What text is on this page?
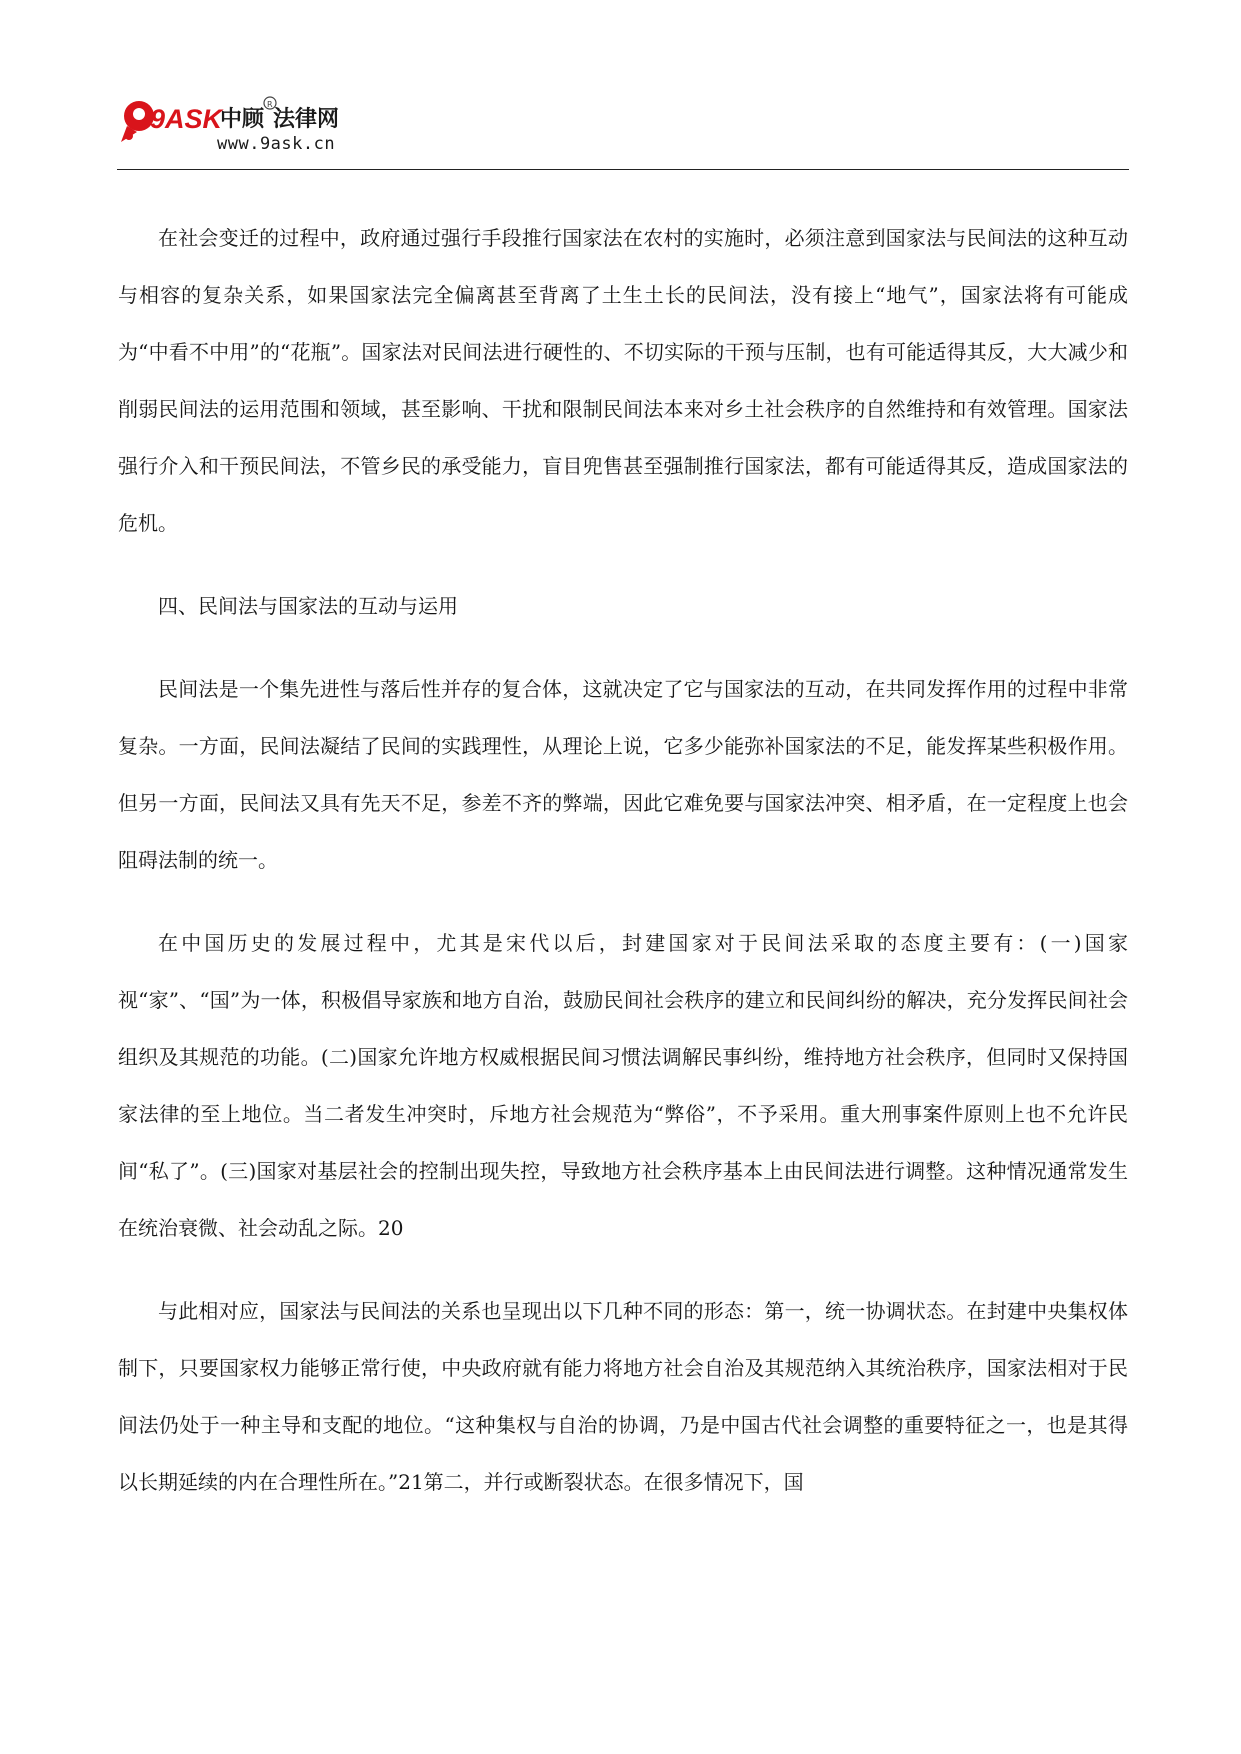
9ASK
中顾
R
法律网
www.9ask.cn

在社会变迁的过程中，政府通过强行手段推行国家法在农村的实施时，必须注意到国家法与民间法的这种互动与相容的复杂关系，如果国家法完全偏离甚至背离了土生土长的民间法，没有接上“地气”，国家法将有可能成为“中看不中用”的“花瓶”。国家法对民间法进行硬性的、不切实际的干预与压制，也有可能适得其反，大大减少和削弱民间法的运用范围和领域，甚至影响、干扰和限制民间法本来对乡土社会秩序的自然维持和有效管理。国家法强行介入和干预民间法，不管乡民的承受能力，盲目兜售甚至强制推行国家法，都有可能适得其反，造成国家法的危机。

四、民间法与国家法的互动与运用

民间法是一个集先进性与落后性并存的复合体，这就决定了它与国家法的互动，在共同发挥作用的过程中非常复杂。一方面，民间法凝结了民间的实践理性，从理论上说，它多少能弥补国家法的不足，能发挥某些积极作用。但另一方面，民间法又具有先天不足，参差不齐的弊端，因此它难免要与国家法冲突、相矛盾，在一定程度上也会阻碍法制的统一。

在中国历史的发展过程中，尤其是宋代以后，封建国家对于民间法采取的态度主要有：(一)国家视“家”、“国”为一体，积极倡导家族和地方自治，鼓励民间社会秩序的建立和民间纠纷的解决，充分发挥民间社会组织及其规范的功能。(二)国家允许地方权威根据民间习惯法调解民事纠纷，维持地方社会秩序，但同时又保持国家法律的至上地位。当二者发生冲突时，斥地方社会规范为“弊俗”，不予采用。重大刑事案件原则上也不允许民间“私了”。(三)国家对基层社会的控制出现失控，导致地方社会秩序基本上由民间法进行调整。这种情况通常发生在统治衰微、社会动乱之际。20

与此相对应，国家法与民间法的关系也呈现出以下几种不同的形态：第一，统一协调状态。在封建中央集权体制下，只要国家权力能够正常行使，中央政府就有能力将地方社会自治及其规范纳入其统治秩序，国家法相对于民间法仍处于一种主导和支配的地位。“这种集权与自治的协调，乃是中国古代社会调整的重要特征之一，也是其得以长期延续的内在合理性所在。”21第二，并行或断裂状态。在很多情况下，国
